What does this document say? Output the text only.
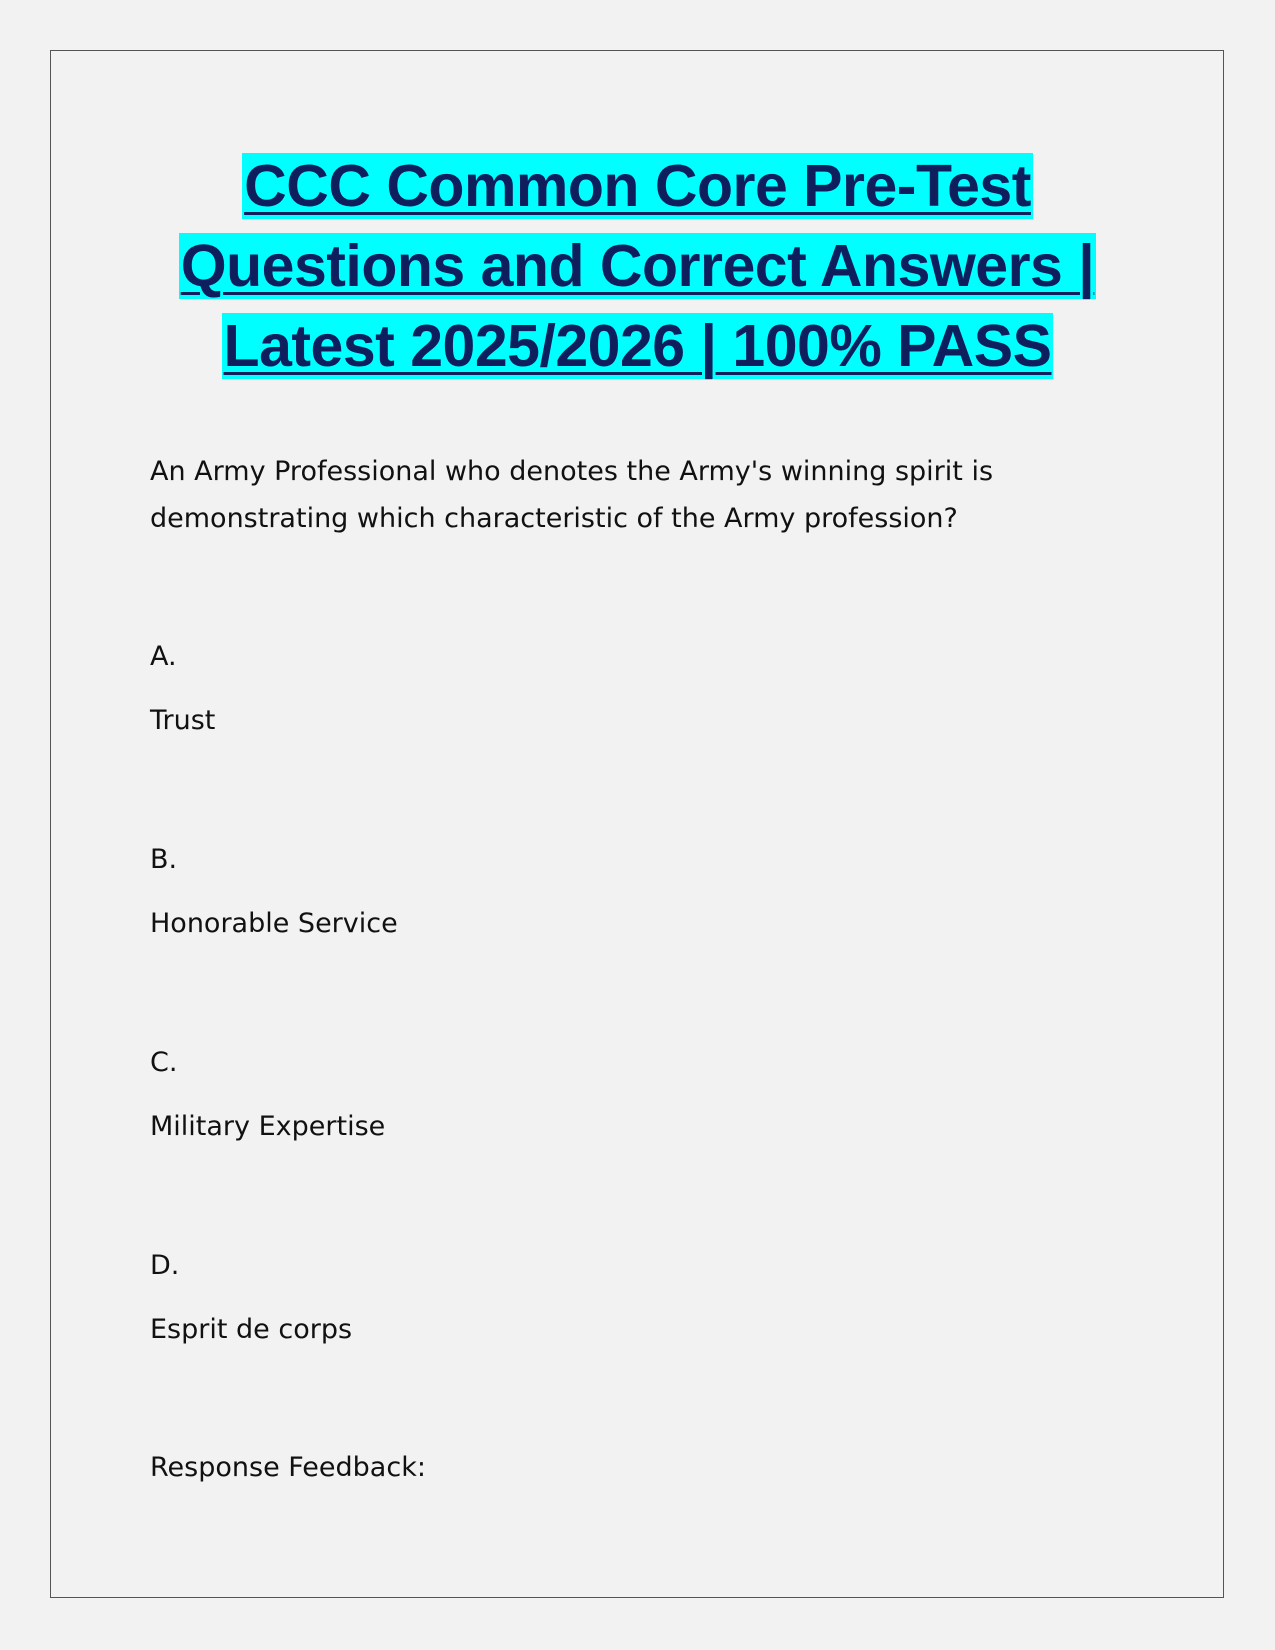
CCC Common Core Pre-Test
Questions and Correct Answers |
Latest 2025/2026 | 100% PASS
An Army Professional who denotes the Army's winning spirit is demonstrating which characteristic of the Army profession?
A.
Trust
B.
Honorable Service
C.
Military Expertise
D.
Esprit de corps
Response Feedback:
